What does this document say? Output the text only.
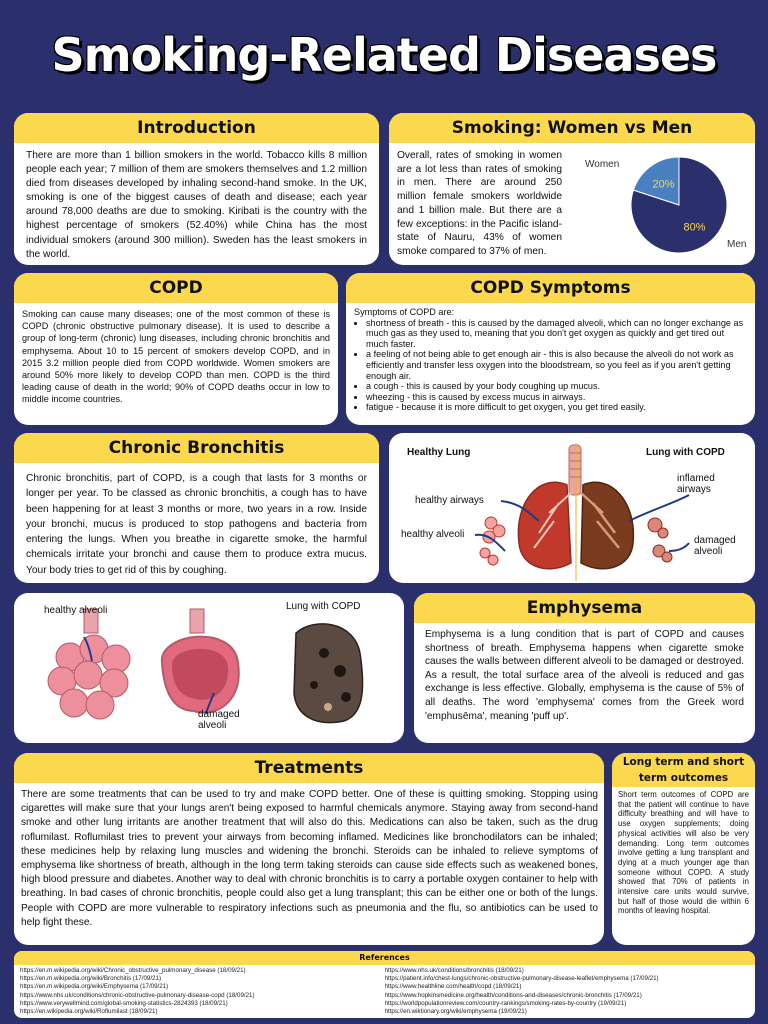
Smoking-Related Diseases
Introduction
There are more than 1 billion smokers in the world. Tobacco kills 8 million people each year; 7 million of them are smokers themselves and 1.2 million died from diseases developed by inhaling second-hand smoke. In the UK, smoking is one of the biggest causes of death and disease; each year around 78,000 deaths are due to smoking. Kiribati is the country with the highest percentage of smokers (52.40%) while China has the most individual smokers (around 300 million). Sweden has the least smokers in the world.
Smoking: Women vs Men
Overall, rates of smoking in women are a lot less than rates of smoking in men. There are around 250 million female smokers worldwide and 1 billion male. But there are a few exceptions: in the Pacific island-state of Nauru, 43% of women smoke compared to 37% of men.
20%
80%
Women
Men
COPD
Smoking can cause many diseases; one of the most common of these is COPD (chronic obstructive pulmonary disease). It is used to describe a group of long-term (chronic) lung diseases, including chronic bronchitis and emphysema. About 10 to 15 percent of smokers develop COPD, and in 2015 3.2 million people died from COPD worldwide. Women smokers are around 50% more likely to develop COPD than men. COPD is the third leading cause of death in the world; 90% of COPD deaths occur in low to middle income countries.
COPD Symptoms
Symptoms of COPD are:
• shortness of breath - this is caused by the damaged alveoli, which can no longer exchange as much gas as they used to, meaning that you don't get oxygen as quickly and get tired out much faster.
• a feeling of not being able to get enough air - this is also because the alveoli do not work as efficiently and transfer less oxygen into the bloodstream, so you feel as if you aren't getting enough air.
• a cough - this is caused by your body coughing up mucus.
• wheezing - this is caused by excess mucus in airways.
• fatigue - because it is more difficult to get oxygen, you get tired easily.
Chronic Bronchitis
Chronic bronchitis, part of COPD, is a cough that lasts for 3 months or longer per year. To be classed as chronic bronchitis, a cough has to have been happening for at least 3 months or more, two years in a row. Inside your bronchi, mucus is produced to stop pathogens and bacteria from entering the lungs. When you breathe in cigarette smoke, the harmful chemicals irritate your bronchi and cause them to produce extra mucus. Your body tries to get rid of this by coughing.
Healthy Lung	Lung with COPD
healthy airways
healthy alveoli
inflamed airways
damaged alveoli
healthy alveoli
damaged alveoli
Lung with COPD	Emphysema
Emphysema is a lung condition that is part of COPD and causes shortness of breath. Emphysema happens when cigarette smoke causes the walls between different alveoli to be damaged or destroyed. As a result, the total surface area of the alveoli is reduced and gas exchange is less effective. Globally, emphysema is the cause of 5% of all deaths. The word 'emphysema' comes from the Greek word 'emphusēma', meaning 'puff up'.
Treatments
There are some treatments that can be used to try and make COPD better. One of these is quitting smoking. Stopping using cigarettes will make sure that your lungs aren't being exposed to harmful chemicals anymore. Staying away from second-hand smoke and other lung irritants are another treatment that will also do this. Medications can also be taken, such as the drug roflumilast. Roflumilast tries to prevent your airways from becoming inflamed. Medicines like bronchodilators can be inhaled; these medicines help by relaxing lung muscles and widening the bronchi. Steroids can be inhaled to relieve symptoms of emphysema like shortness of breath, although in the long term taking steroids can cause side effects such as weakened bones, high blood pressure and diabetes. Another way to deal with chronic bronchitis is to carry a portable oxygen container to help with breathing. In bad cases of chronic bronchitis, people could also get a lung transplant; this can be either one or both of the lungs. People with COPD are more vulnerable to respiratory infections such as pneumonia and the flu, so antibiotics can be used to help fight these.
Long term and short term outcomes
Short term outcomes of COPD are that the patient will continue to have difficulty breathing and will have to use oxygen supplements; doing physical activities will also be very demanding. Long term outcomes involve getting a lung transplant and dying at a much younger age than someone without COPD. A study showed that 70% of patients in intensive care units would survive, but half of those would die within 6 months of leaving hospital.
References
https://en.m.wikipedia.org/wiki/Chronic_obstructive_pulmonary_disease (18/09/21)
https://en.m.wikipedia.org/wiki/Bronchitis (17/09/21)
https://en.m.wikipedia.org/wiki/Emphysema (17/09/21)
https://www.nhs.uk/conditions/chronic-obstructive-pulmonary-disease-copd (18/09/21)
https://www.verywellmind.com/global-smoking-statistics-2824393 (18/09/21)
https://en.wikipedia.org/wiki/Roflumilast (18/09/21)
https://www.nhs.uk/conditions/bronchitis (18/09/21)
https://patient.info/chest-lungs/chronic-obstructive-pulmonary-disease-leaflet/emphysema (17/09/21)
https://www.healthline.com/health/copd (18/09/21)
https://www.hopkinsmedicine.org/health/conditions-and-diseases/chronic-bronchitis (17/09/21)
https://worldpopulationreview.com/country-rankings/smoking-rates-by-country (19/09/21)
https://en.wiktionary.org/wiki/emphysema (19/09/21)
